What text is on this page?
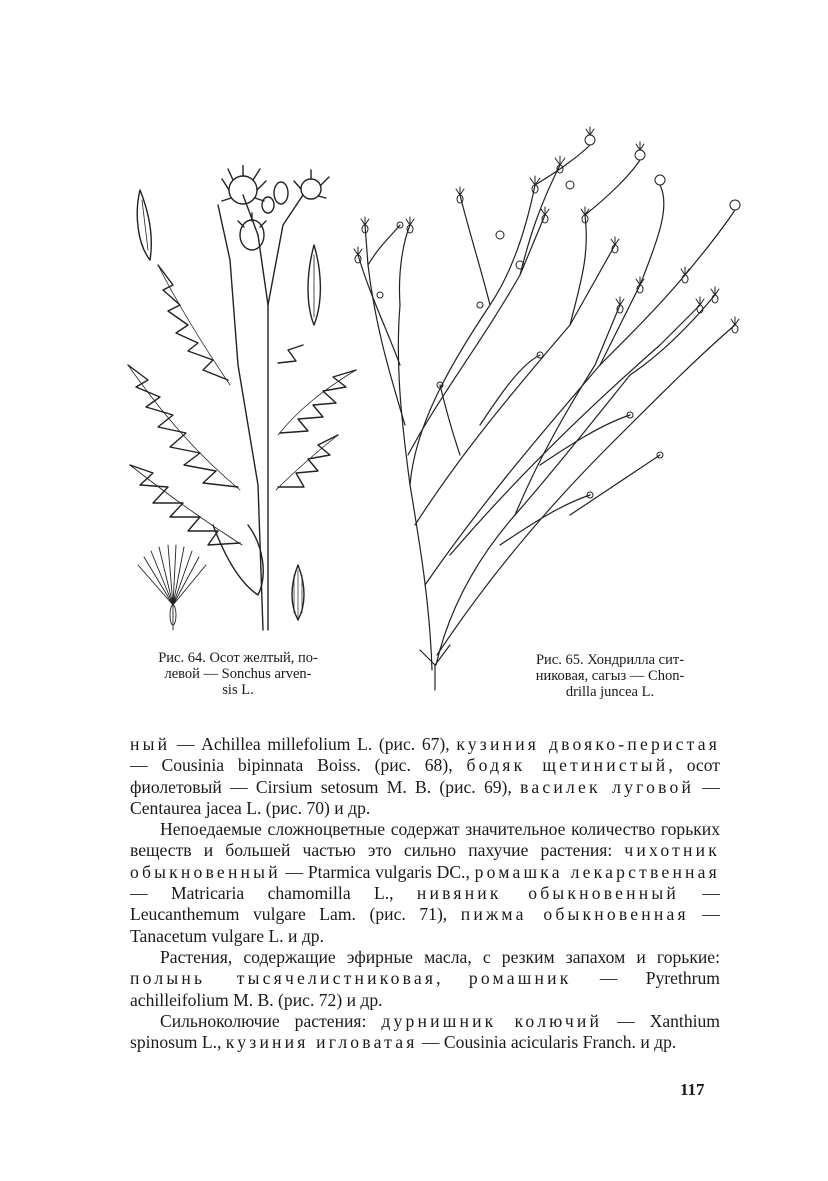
Рис. 64. Осот желтый, по-
левой — Sonchus arven-
sis L.
Рис. 65. Хондрилла сит-
никовая, сагыз — Chon-
drilla juncea L.

ный — Achillea millefolium L. (рис. 67), кузиния двояко-перистая — Cousinia bipinnata Boiss. (рис. 68), бодяк щетинистый, осот фиолетовый — Cirsium setosum M. B. (рис. 69), василек луговой — Centaurea jacea L. (рис. 70) и др.

Непоедаемые сложноцветные содержат значительное количество горьких веществ и большей частью это сильно пахучие растения: чихотник обыкновенный — Ptarmica vulgaris DC., ромашка лекарственная — Matricaria chamomilla L., нивяник обыкновенный — Leucanthemum vulgare Lam. (рис. 71), пижма обыкновенная — Tanacetum vulgare L. и др.

Растения, содержащие эфирные масла, с резким запахом и горькие: полынь тысячелистниковая, ромашник — Pyrethrum achilleifolium M. B. (рис. 72) и др.

Сильноколючие растения: дурнишник колючий — Xanthium spinosum L., кузиния игловатая — Cousinia acicularis Franch. и др.

117
